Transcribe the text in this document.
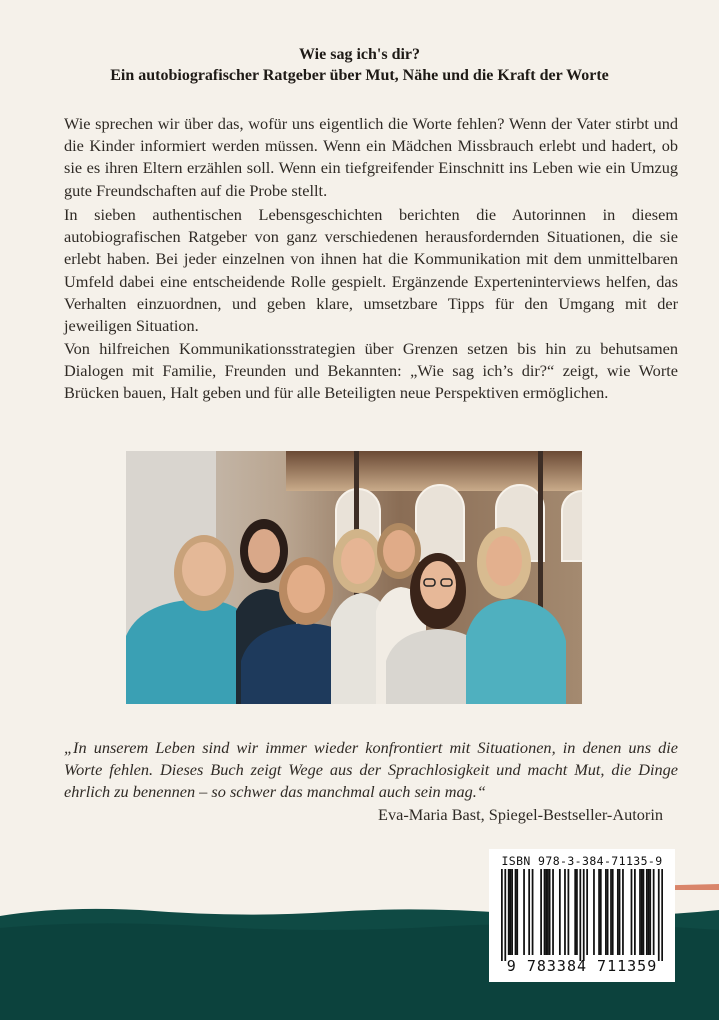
Wie sag ich's dir?
Ein autobiografischer Ratgeber über Mut, Nähe und die Kraft der Worte

Wie sprechen wir über das, wofür uns eigentlich die Worte fehlen? Wenn der Vater stirbt und die Kinder informiert werden müssen. Wenn ein Mädchen Missbrauch erlebt und hadert, ob sie es ihren Eltern erzählen soll. Wenn ein tiefgreifender Einschnitt ins Leben wie ein Umzug gute Freundschaften auf die Probe stellt.

In sieben authentischen Lebensgeschichten berichten die Autorinnen in diesem autobiografischen Ratgeber von ganz verschiedenen herausfordernden Situationen, die sie erlebt haben. Bei jeder einzelnen von ihnen hat die Kommunikation mit dem unmittelbaren Umfeld dabei eine entscheidende Rolle gespielt. Ergänzende Experteninterviews helfen, das Verhalten einzuordnen, und geben klare, umsetzbare Tipps für den Umgang mit der jeweiligen Situation.

Von hilfreichen Kommunikationsstrategien über Grenzen setzen bis hin zu behutsamen Dialogen mit Familie, Freunden und Bekannten: „Wie sag ich’s dir?“ zeigt, wie Worte Brücken bauen, Halt geben und für alle Beteiligten neue Perspektiven ermöglichen.

„In unserem Leben sind wir immer wieder konfrontiert mit Situationen, in denen uns die Worte fehlen. Dieses Buch zeigt Wege aus der Sprachlosigkeit und macht Mut, die Dinge ehrlich zu benennen – so schwer das manchmal auch sein mag.“

Eva-Maria Bast, Spiegel-Bestseller-Autorin
ISBN 978-3-384-71135-9
9 783384 711359
